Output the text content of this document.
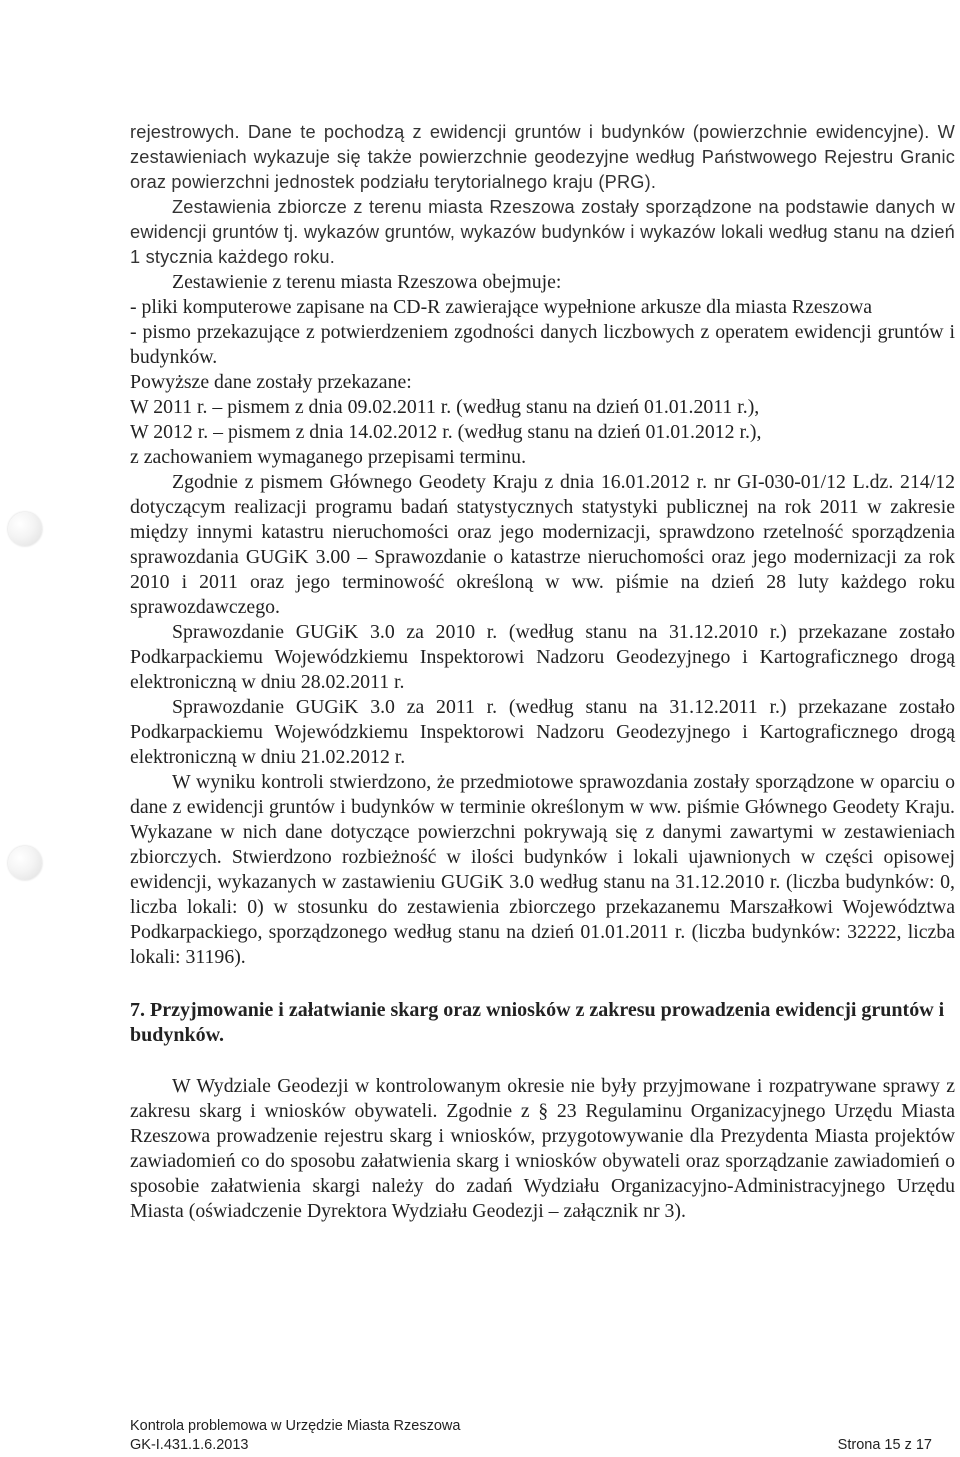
rejestrowych. Dane te pochodzą z ewidencji gruntów i budynków (powierzchnie ewidencyjne). W zestawieniach wykazuje się także powierzchnie geodezyjne według Państwowego Rejestru Granic oraz powierzchni jednostek podziału terytorialnego kraju (PRG).

Zestawienia zbiorcze z terenu miasta Rzeszowa zostały sporządzone na podstawie danych w ewidencji gruntów tj. wykazów gruntów, wykazów budynków i wykazów lokali według stanu na dzień 1 stycznia każdego roku.

Zestawienie z terenu miasta Rzeszowa obejmuje:

- pliki komputerowe zapisane na CD-R zawierające wypełnione arkusze dla miasta Rzeszowa

- pismo przekazujące z potwierdzeniem zgodności danych liczbowych z operatem ewidencji gruntów i budynków.

Powyższe dane zostały przekazane:

W 2011 r. – pismem z dnia 09.02.2011 r. (według stanu na dzień 01.01.2011 r.),

W 2012 r. – pismem z dnia 14.02.2012 r. (według stanu na dzień 01.01.2012 r.),

z zachowaniem wymaganego przepisami terminu.

Zgodnie z pismem Głównego Geodety Kraju z dnia 16.01.2012 r. nr GI-030-01/12 L.dz. 214/12 dotyczącym realizacji programu badań statystycznych statystyki publicznej na rok 2011 w zakresie między innymi katastru nieruchomości oraz jego modernizacji, sprawdzono rzetelność sporządzenia sprawozdania GUGiK 3.00 – Sprawozdanie o katastrze nieruchomości oraz jego modernizacji za rok 2010 i 2011 oraz jego terminowość określoną w ww. piśmie na dzień 28 luty każdego roku sprawozdawczego.

Sprawozdanie GUGiK 3.0 za 2010 r. (według stanu na 31.12.2010 r.) przekazane zostało Podkarpackiemu Wojewódzkiemu Inspektorowi Nadzoru Geodezyjnego i Kartograficznego drogą elektroniczną w dniu 28.02.2011 r.

Sprawozdanie GUGiK 3.0 za 2011 r. (według stanu na 31.12.2011 r.) przekazane zostało Podkarpackiemu Wojewódzkiemu Inspektorowi Nadzoru Geodezyjnego i Kartograficznego drogą elektroniczną w dniu 21.02.2012 r.

W wyniku kontroli stwierdzono, że przedmiotowe sprawozdania zostały sporządzone w oparciu o dane z ewidencji gruntów i budynków w terminie określonym w ww. piśmie Głównego Geodety Kraju. Wykazane w nich dane dotyczące powierzchni pokrywają się z danymi zawartymi w zestawieniach zbiorczych. Stwierdzono rozbieżność w ilości budynków i lokali ujawnionych w części opisowej ewidencji, wykazanych w zastawieniu GUGiK 3.0 według stanu na 31.12.2010 r. (liczba budynków: 0, liczba lokali: 0) w stosunku do zestawienia zbiorczego przekazanemu Marszałkowi Województwa Podkarpackiego, sporządzonego według stanu na dzień 01.01.2011 r. (liczba budynków: 32222, liczba lokali: 31196).

7. Przyjmowanie i załatwianie skarg oraz wniosków z zakresu prowadzenia ewidencji gruntów i budynków.

W Wydziale Geodezji w kontrolowanym okresie nie były przyjmowane i rozpatrywane sprawy z zakresu skarg i wniosków obywateli. Zgodnie z § 23 Regulaminu Organizacyjnego Urzędu Miasta Rzeszowa prowadzenie rejestru skarg i wniosków, przygotowywanie dla Prezydenta Miasta projektów zawiadomień co do sposobu załatwienia skarg i wniosków obywateli oraz sporządzanie zawiadomień o sposobie załatwienia skargi należy do zadań Wydziału Organizacyjno-Administracyjnego Urzędu Miasta (oświadczenie Dyrektora Wydziału Geodezji – załącznik nr 3).

Kontrola problemowa w Urzędzie Miasta Rzeszowa
GK-I.431.1.6.2013	Strona 15 z 17
